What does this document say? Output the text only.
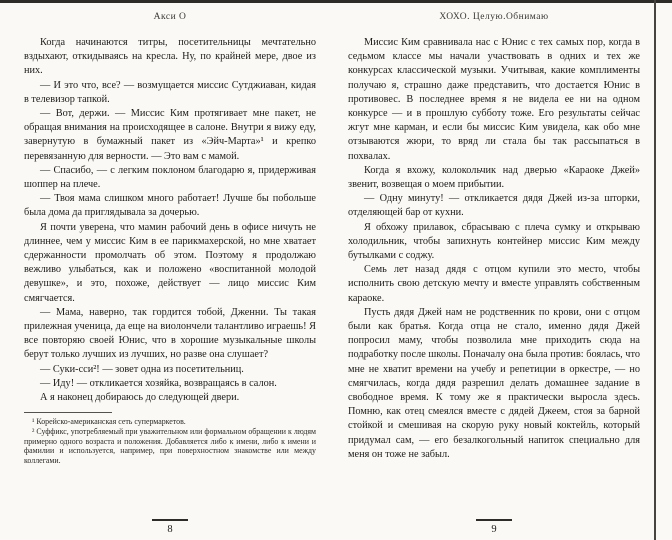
Акси О

Когда начинаются титры, посетительницы мечтательно вздыхают, откидываясь на кресла. Ну, по крайней мере, двое из них.

— И это что, все? — возмущается миссис Сутджиаван, кидая в телевизор тапкой.

— Вот, держи. — Миссис Ким протягивает мне пакет, не обращая внимания на происходящее в салоне. Внутри я вижу еду, завернутую в бумажный пакет из «Эйч-Марта»¹ и крепко перевязанную для верности. — Это вам с мамой.

— Спасибо, — с легким поклоном благодарю я, придерживая шоппер на плече.

— Твоя мама слишком много работает! Лучше бы побольше была дома да приглядывала за дочерью.

Я почти уверена, что мамин рабочий день в офисе ничуть не длиннее, чем у миссис Ким в ее парикмахерской, но мне хватает сдержанности промолчать об этом. Поэтому я продолжаю вежливо улыбаться, как и положено «воспитанной молодой девушке», и это, похоже, действует — лицо миссис Ким смягчается.

— Мама, наверно, так гордится тобой, Дженни. Ты такая прилежная ученица, да еще на виолончели талантливо играешь! Я все повторяю своей Юнис, что в хорошие музыкальные школы берут только лучших из лучших, но разве она слушает?

— Суки-сси²! — зовет одна из посетительниц.

— Иду! — откликается хозяйка, возвращаясь в салон.

А я наконец добираюсь до следующей двери.

¹ Корейско-американская сеть супермаркетов.

² Суффикс, употребляемый при уважительном или формальном обращении к людям примерно одного возраста и положения. Добавляется либо к имени, либо к имени и фамилии и используется, например, при поверхностном знакомстве или между коллегами.

8
ХОХО. Целую.Обнимаю

Миссис Ким сравнивала нас с Юнис с тех самых пор, когда в седьмом классе мы начали участвовать в одних и тех же конкурсах классической музыки. Учитывая, какие комплименты получаю я, страшно даже представить, что достается Юнис в противовес. В последнее время я не видела ее ни на одном конкурсе — и в прошлую субботу тоже. Его результаты сейчас жгут мне карман, и если бы миссис Ким увидела, как обо мне отзываются жюри, то вряд ли стала бы так рассыпаться в похвалах.

Когда я вхожу, колокольчик над дверью «Караоке Джей» звенит, возвещая о моем прибытии.

— Одну минуту! — откликается дядя Джей из-за шторки, отделяющей бар от кухни.

Я обхожу прилавок, сбрасываю с плеча сумку и открываю холодильник, чтобы запихнуть контейнер миссис Ким между бутылками с соджу.

Семь лет назад дядя с отцом купили это место, чтобы исполнить свою детскую мечту и вместе управлять собственным караоке.

Пусть дядя Джей нам не родственник по крови, они с отцом были как братья. Когда отца не стало, именно дядя Джей попросил маму, чтобы позволила мне приходить сюда на подработку после школы. Поначалу она была против: боялась, что мне не хватит времени на учебу и репетиции в оркестре, — но смягчилась, когда дядя разрешил делать домашнее задание в свободное время. К тому же я практически выросла здесь. Помню, как отец смеялся вместе с дядей Джеем, стоя за барной стойкой и смешивая на скорую руку новый коктейль, который придумал сам, — его безалкогольный напиток специально для меня он тоже не забыл.

9
